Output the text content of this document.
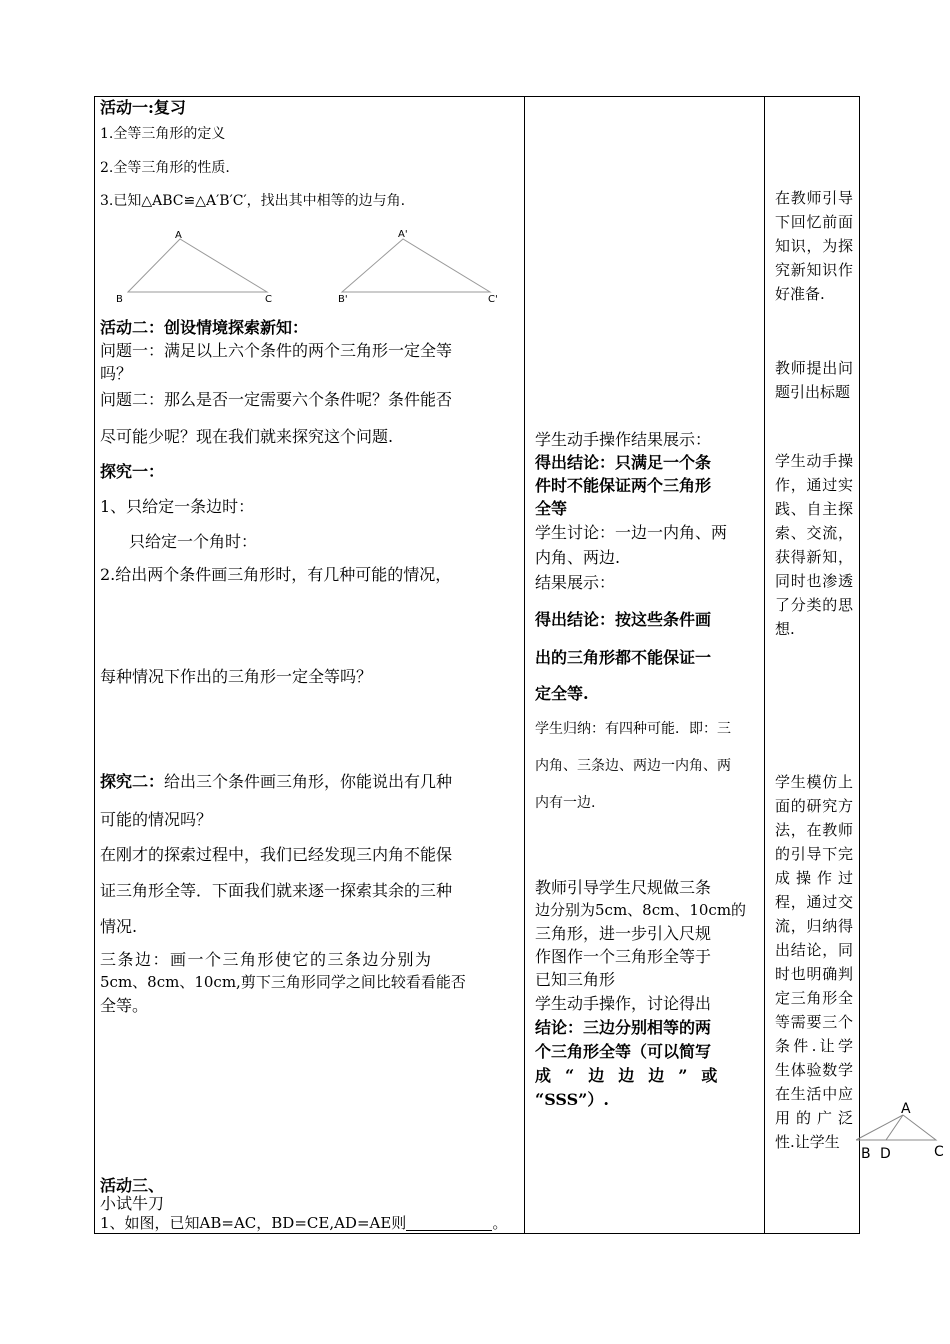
活动一:复习
1.全等三角形的定义
2.全等三角形的性质.
3.已知△ABC≌△A′B′C′，找出其中相等的边与角.
A
B	C
A'
B'	C'
活动二：创设情境探索新知：
问题一：满足以上六个条件的两个三角形一定全等
吗？
问题二：那么是否一定需要六个条件呢？条件能否
尽可能少呢？现在我们就来探究这个问题.
探究一：
1、只给定一条边时：
只给定一个角时：
2.给出两个条件画三角形时，有几种可能的情况，
每种情况下作出的三角形一定全等吗？
探究二：给出三个条件画三角形，你能说出有几种
可能的情况吗？
在刚才的探索过程中，我们已经发现三内角不能保
证三角形全等．下面我们就来逐一探索其余的三种
情况.
三条边：画一个三角形使它的三条边分别为
5cm、8cm、10cm,剪下三角形同学之间比较看看能否
全等。
活动三、
小试牛刀
1、如图，已知AB=AC，BD=CE,AD=AE则	。
学生动手操作结果展示：
得出结论：只满足一个条
件时不能保证两个三角形
全等
学生讨论：一边一内角、两
内角、两边.
结果展示：
得出结论：按这些条件画
出的三角形都不能保证一
定全等.
学生归纳：有四种可能．即：三
内角、三条边、两边一内角、两
内有一边.
教师引导学生尺规做三条
边分别为5cm、8cm、10cm的
三角形，进一步引入尺规
作图作一个三角形全等于
已知三角形
学生动手操作，讨论得出
结论：三边分别相等的两
个三角形全等（可以简写
成“边边边”或
“SSS”）.
在教师引导下回忆前面知识，为探究新知识作好准备.
教师提出问题引出标题
学生动手操作，通过实践、自主探索、交流，获得新知，同时也渗透了分类的思想.
学生模仿上面的研究方法，在教师的引导下完成操作过程，通过交流，归纳得出结论，同时也明确判定三角形全等需要三个条件.让学生体验数学在生活中应用的广泛性.让学生
A
B D	C
